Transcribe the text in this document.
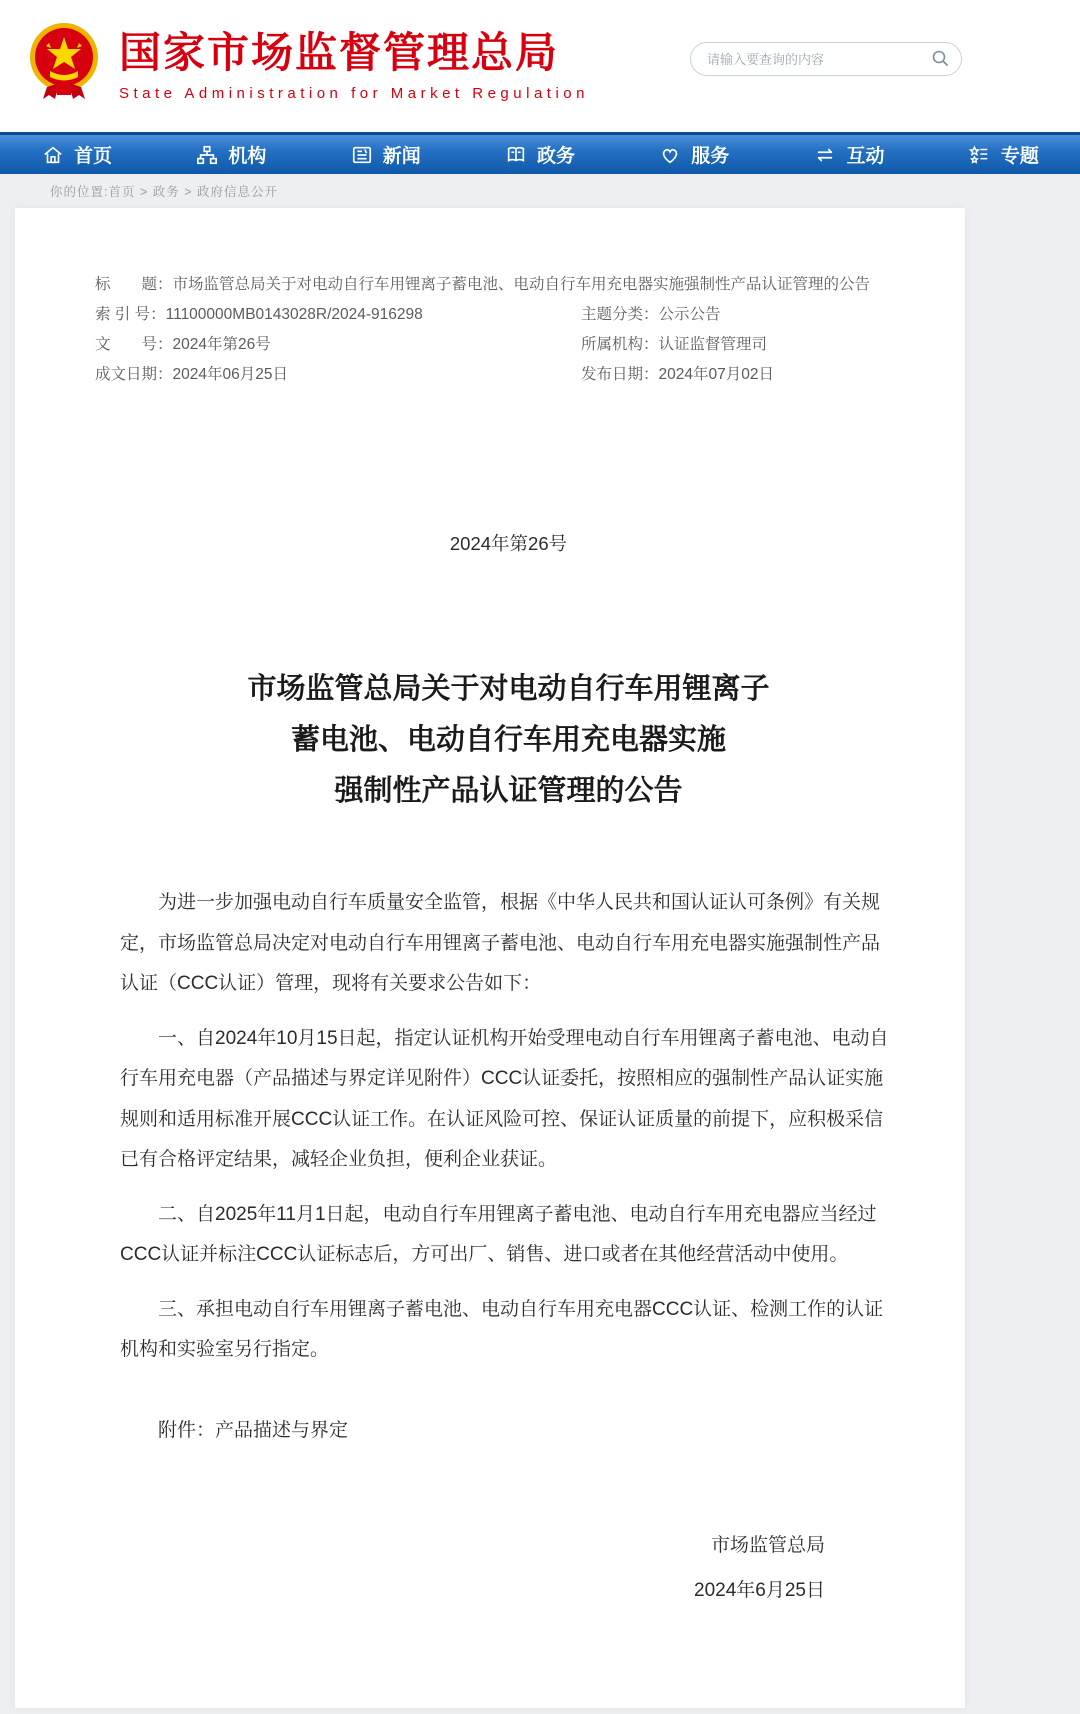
国家市场监督管理总局
State Administration for Market Regulation
请输入要查询的内容
首页	机构	新闻	政务	服务	互动	专题
你的位置:首页 > 政务 > 政府信息公开
标　　题： 市场监管总局关于对电动自行车用锂离子蓄电池、电动自行车用充电器实施强制性产品认证管理的公告
索 引 号： 11100000MB0143028R/2024-916298	主题分类： 公示公告
文　　号： 2024年第26号	所属机构： 认证监督管理司
成文日期： 2024年06月25日	发布日期： 2024年07月02日
2024年第26号
市场监管总局关于对电动自行车用锂离子
蓄电池、电动自行车用充电器实施
强制性产品认证管理的公告

为进一步加强电动自行车质量安全监管，根据《中华人民共和国认证认可条例》有关规定，市场监管总局决定对电动自行车用锂离子蓄电池、电动自行车用充电器实施强制性产品认证（CCC认证）管理，现将有关要求公告如下：

一、自2024年10月15日起，指定认证机构开始受理电动自行车用锂离子蓄电池、电动自行车用充电器（产品描述与界定详见附件）CCC认证委托，按照相应的强制性产品认证实施规则和适用标准开展CCC认证工作。在认证风险可控、保证认证质量的前提下，应积极采信已有合格评定结果，减轻企业负担，便利企业获证。

二、自2025年11月1日起，电动自行车用锂离子蓄电池、电动自行车用充电器应当经过CCC认证并标注CCC认证标志后，方可出厂、销售、进口或者在其他经营活动中使用。

三、承担电动自行车用锂离子蓄电池、电动自行车用充电器CCC认证、检测工作的认证机构和实验室另行指定。

附件：产品描述与界定

市场监管总局
2024年6月25日
